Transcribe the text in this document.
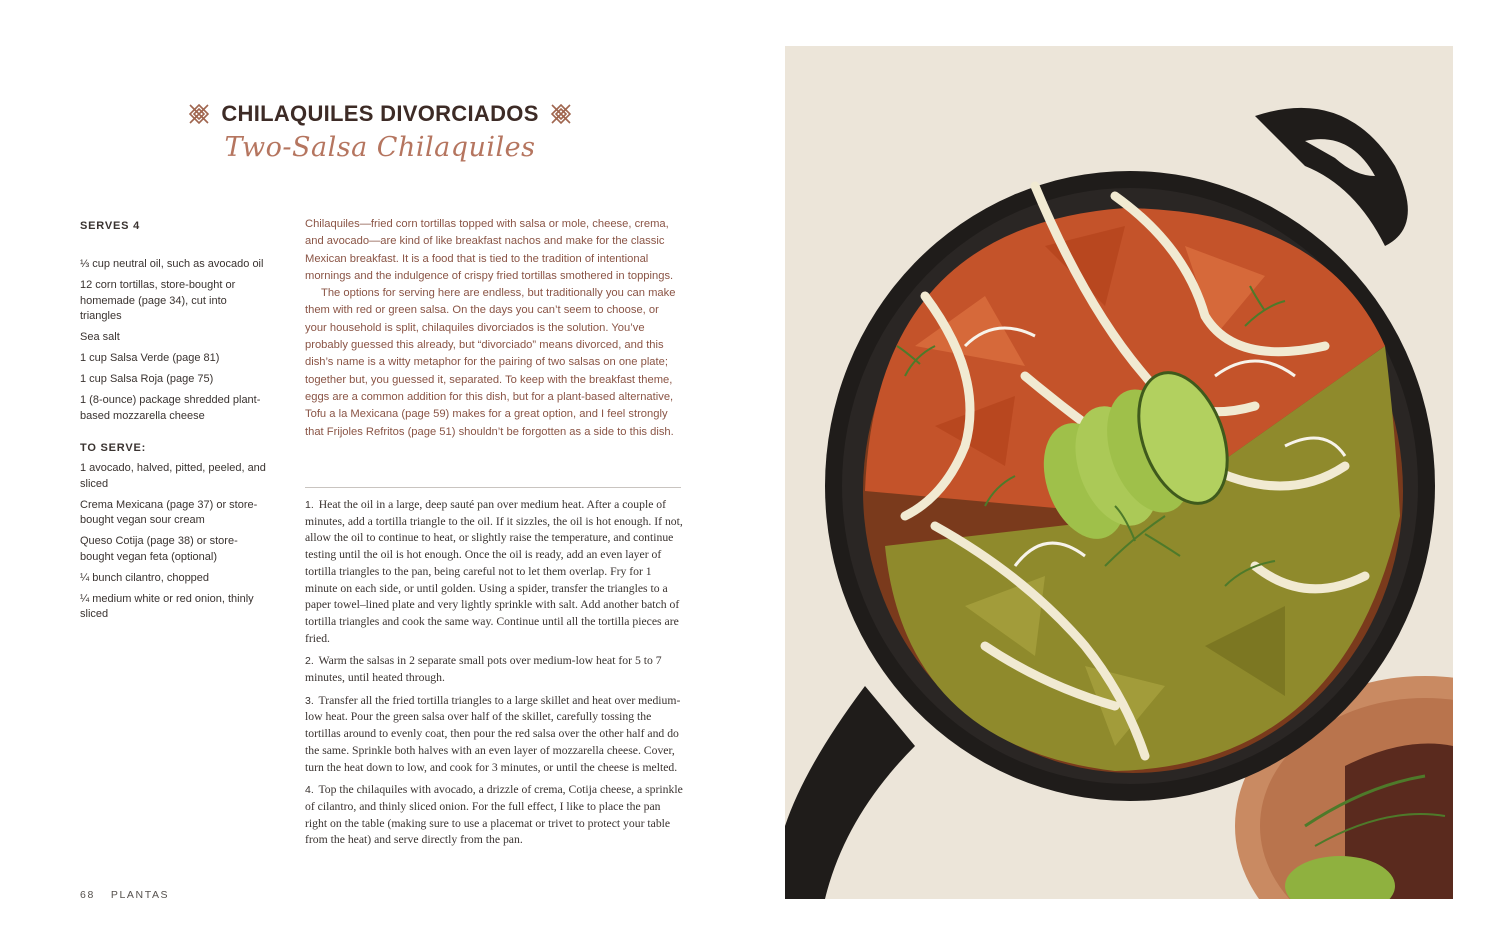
CHILAQUILES DIVORCIADOS
Two-Salsa Chilaquiles
SERVES 4
⅓ cup neutral oil, such as avocado oil
12 corn tortillas, store-bought or homemade (page 34), cut into triangles
Sea salt
1 cup Salsa Verde (page 81)
1 cup Salsa Roja (page 75)
1 (8-ounce) package shredded plant-based mozzarella cheese
TO SERVE:
1 avocado, halved, pitted, peeled, and sliced
Crema Mexicana (page 37) or store-bought vegan sour cream
Queso Cotija (page 38) or store-bought vegan feta (optional)
¼ bunch cilantro, chopped
¼ medium white or red onion, thinly sliced

Chilaquiles—fried corn tortillas topped with salsa or mole, cheese, crema, and avocado—are kind of like breakfast nachos and make for the classic Mexican breakfast. It is a food that is tied to the tradition of intentional mornings and the indulgence of crispy fried tortillas smothered in toppings.

The options for serving here are endless, but traditionally you can make them with red or green salsa. On the days you can’t seem to choose, or your household is split, chilaquiles divorciados is the solution. You’ve probably guessed this already, but “divorciado” means divorced, and this dish’s name is a witty metaphor for the pairing of two salsas on one plate; together but, you guessed it, separated. To keep with the breakfast theme, eggs are a common addition for this dish, but for a plant-based alternative, Tofu a la Mexicana (page 59) makes for a great option, and I feel strongly that Frijoles Refritos (page 51) shouldn’t be forgotten as a side to this dish.

1. Heat the oil in a large, deep sauté pan over medium heat. After a couple of minutes, add a tortilla triangle to the oil. If it sizzles, the oil is hot enough. If not, allow the oil to continue to heat, or slightly raise the temperature, and continue testing until the oil is hot enough. Once the oil is ready, add an even layer of tortilla triangles to the pan, being careful not to let them overlap. Fry for 1 minute on each side, or until golden. Using a spider, transfer the triangles to a paper towel–lined plate and very lightly sprinkle with salt. Add another batch of tortilla triangles and cook the same way. Continue until all the tortilla pieces are fried.

2. Warm the salsas in 2 separate small pots over medium-low heat for 5 to 7 minutes, until heated through.

3. Transfer all the fried tortilla triangles to a large skillet and heat over medium-low heat. Pour the green salsa over half of the skillet, carefully tossing the tortillas around to evenly coat, then pour the red salsa over the other half and do the same. Sprinkle both halves with an even layer of mozzarella cheese. Cover, turn the heat down to low, and cook for 3 minutes, or until the cheese is melted.

4. Top the chilaquiles with avocado, a drizzle of crema, Cotija cheese, a sprinkle of cilantro, and thinly sliced onion. For the full effect, I like to place the pan right on the table (making sure to use a placemat or trivet to protect your table from the heat) and serve directly from the pan.

68 PLANTAS
